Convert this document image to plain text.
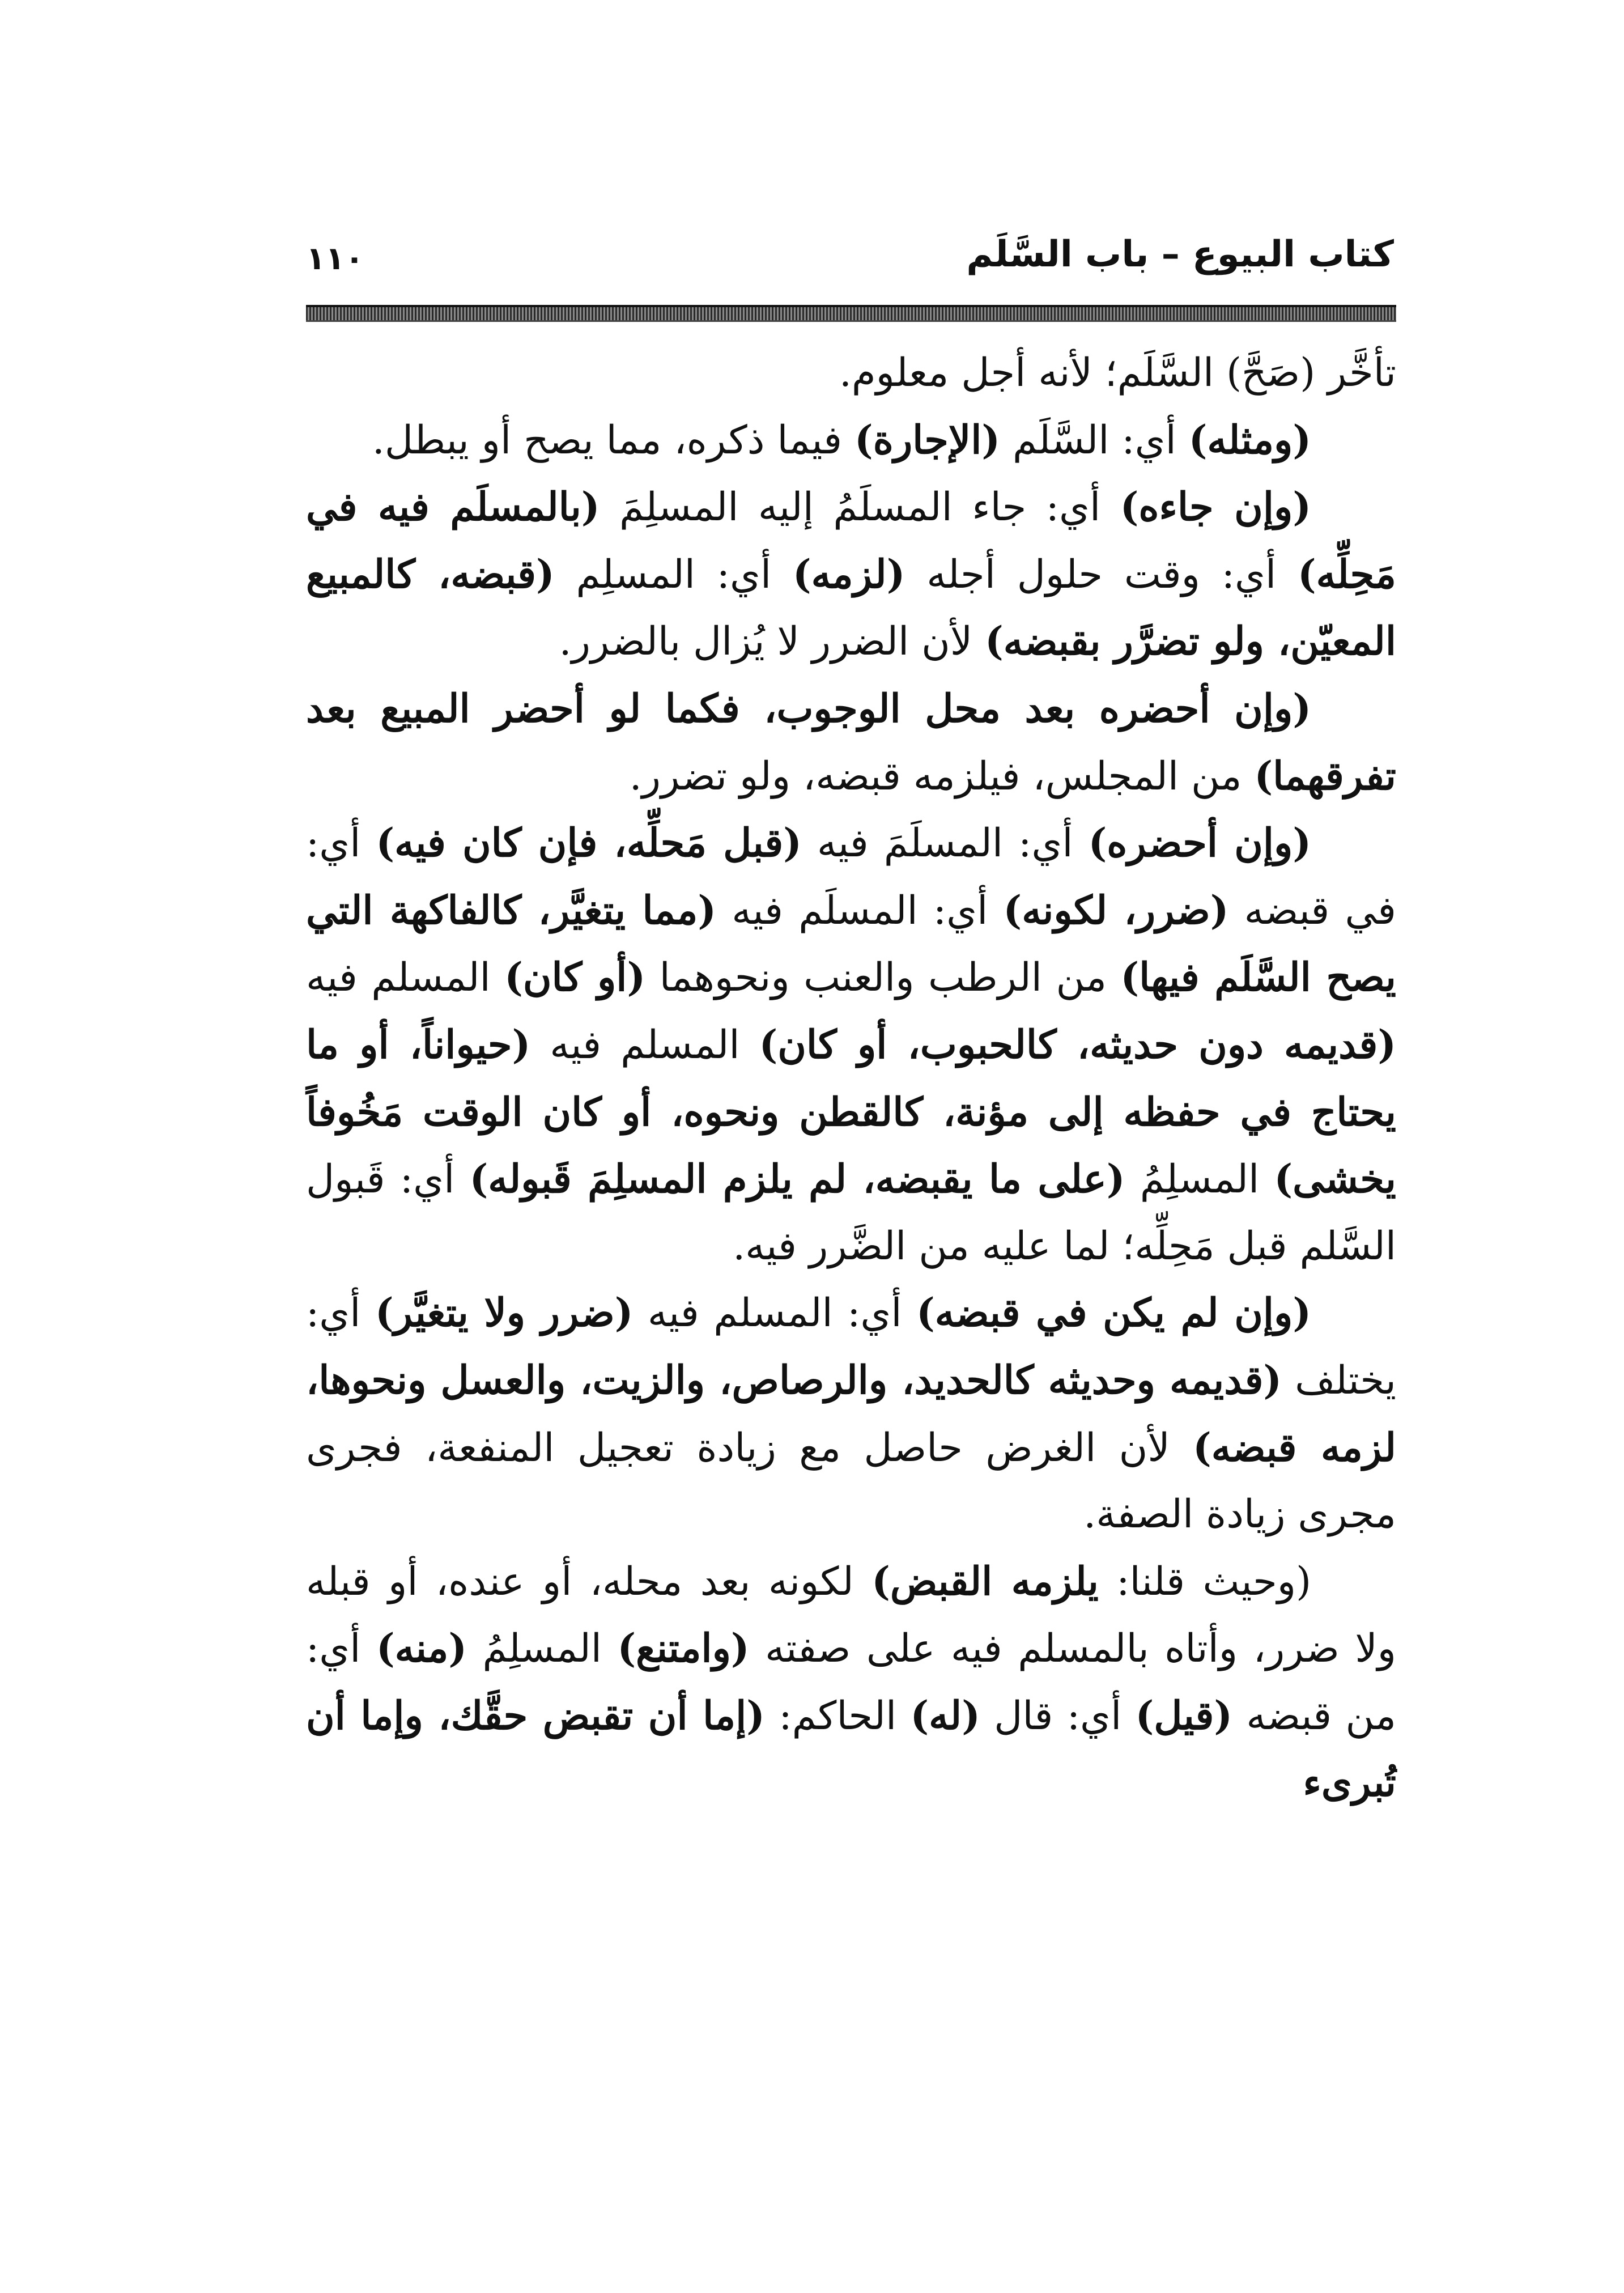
كتاب البيوع – باب السَّلَم
١١٠

تأخَّر (صَحَّ) السَّلَم؛ لأنه أجل معلوم.

(ومثله) أي: السَّلَم (الإجارة) فيما ذكره، مما يصح أو يبطل.

(وإن جاءه) أي: جاء المسلَمُ إليه المسلِمَ (بالمسلَم فيه في مَحِلِّه) أي: وقت حلول أجله (لزمه) أي: المسلِم (قبضه، كالمبيع المعيّن، ولو تضرَّر بقبضه) لأن الضرر لا يُزال بالضرر.

(وإن أحضره بعد محل الوجوب، فكما لو أحضر المبيع بعد تفرقهما) من المجلس، فيلزمه قبضه، ولو تضرر.

(وإن أحضره) أي: المسلَمَ فيه (قبل مَحلِّه، فإن كان فيه) أي: في قبضه (ضرر، لكونه) أي: المسلَم فيه (مما يتغيَّر، كالفاكهة التي يصح السَّلَم فيها) من الرطب والعنب ونحوهما (أو كان) المسلم فيه (قديمه دون حديثه، كالحبوب، أو كان) المسلم فيه (حيواناً، أو ما يحتاج في حفظه إلى مؤنة، كالقطن ونحوه، أو كان الوقت مَخُوفاً يخشى) المسلِمُ (على ما يقبضه، لم يلزم المسلِمَ قَبوله) أي: قَبول السَّلم قبل مَحِلِّه؛ لما عليه من الضَّرر فيه.

(وإن لم يكن في قبضه) أي: المسلم فيه (ضرر ولا يتغيَّر) أي: يختلف (قديمه وحديثه كالحديد، والرصاص، والزيت، والعسل ونحوها، لزمه قبضه) لأن الغرض حاصل مع زيادة تعجيل المنفعة، فجرى مجرى زيادة الصفة.

(وحيث قلنا: يلزمه القبض) لكونه بعد محله، أو عنده، أو قبله ولا ضرر، وأتاه بالمسلم فيه على صفته (وامتنع) المسلِمُ (منه) أي: من قبضه (قيل) أي: قال (له) الحاكم: (إما أن تقبض حقَّك، وإما أن تُبرىء
